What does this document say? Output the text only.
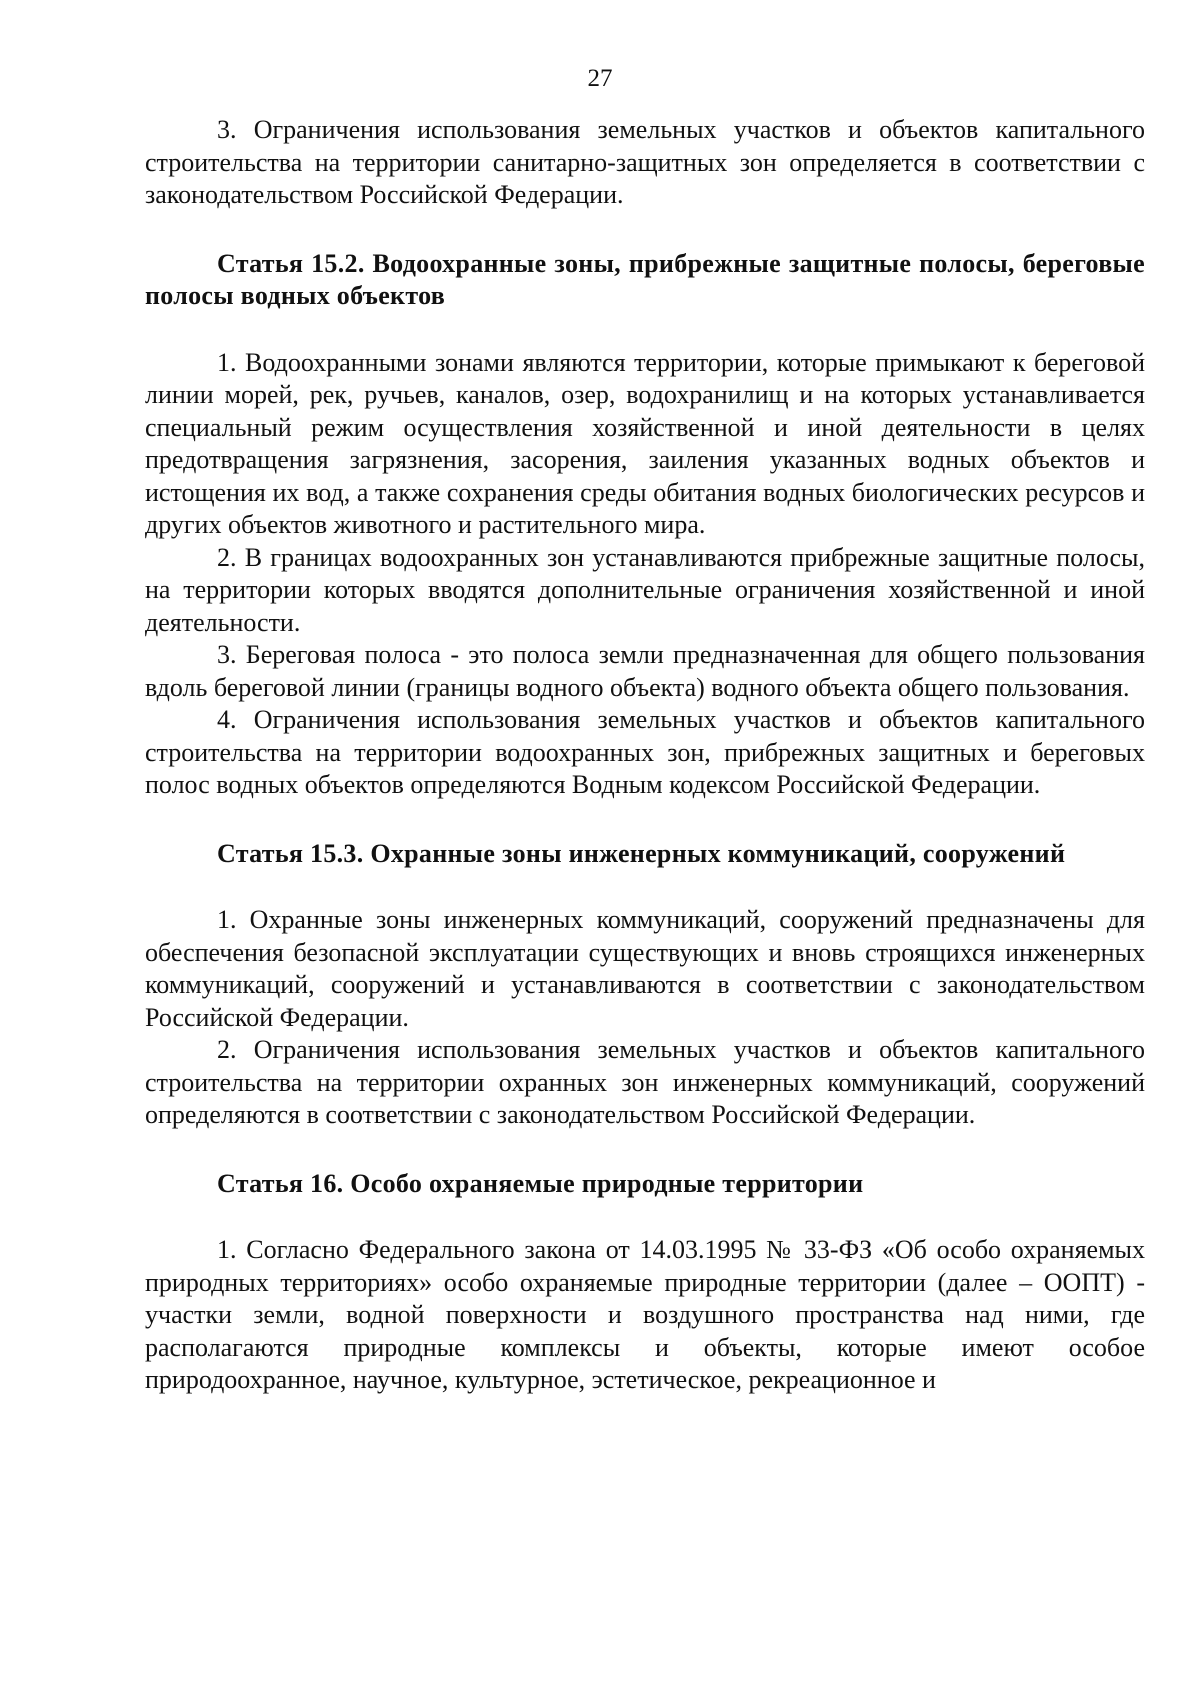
27

3. Ограничения использования земельных участков и объектов капитального строительства на территории санитарно-защитных зон определяется в соответствии с законодательством Российской Федерации.

Статья 15.2. Водоохранные зоны, прибрежные защитные полосы, береговые полосы водных объектов

1. Водоохранными зонами являются территории, которые примыкают к береговой линии морей, рек, ручьев, каналов, озер, водохранилищ и на которых устанавливается специальный режим осуществления хозяйственной и иной деятельности в целях предотвращения загрязнения, засорения, заиления указанных водных объектов и истощения их вод, а также сохранения среды обитания водных биологических ресурсов и других объектов животного и растительного мира.

2. В границах водоохранных зон устанавливаются прибрежные защитные полосы, на территории которых вводятся дополнительные ограничения хозяйственной и иной деятельности.

3. Береговая полоса - это полоса земли предназначенная для общего пользования вдоль береговой линии (границы водного объекта) водного объекта общего пользования.

4. Ограничения использования земельных участков и объектов капитального строительства на территории водоохранных зон, прибрежных защитных и береговых полос водных объектов определяются Водным кодексом Российской Федерации.

Статья 15.3. Охранные зоны инженерных коммуникаций, сооружений

1. Охранные зоны инженерных коммуникаций, сооружений предназначены для обеспечения безопасной эксплуатации существующих и вновь строящихся инженерных коммуникаций, сооружений и устанавливаются в соответствии с законодательством Российской Федерации.

2. Ограничения использования земельных участков и объектов капитального строительства на территории охранных зон инженерных коммуникаций, сооружений определяются в соответствии с законодательством Российской Федерации.

Статья 16. Особо охраняемые природные территории

1. Согласно Федерального закона от 14.03.1995 № 33-ФЗ «Об особо охраняемых природных территориях» особо охраняемые природные территории (далее – ООПТ) - участки земли, водной поверхности и воздушного пространства над ними, где располагаются природные комплексы и объекты, которые имеют особое природоохранное, научное, культурное, эстетическое, рекреационное и
